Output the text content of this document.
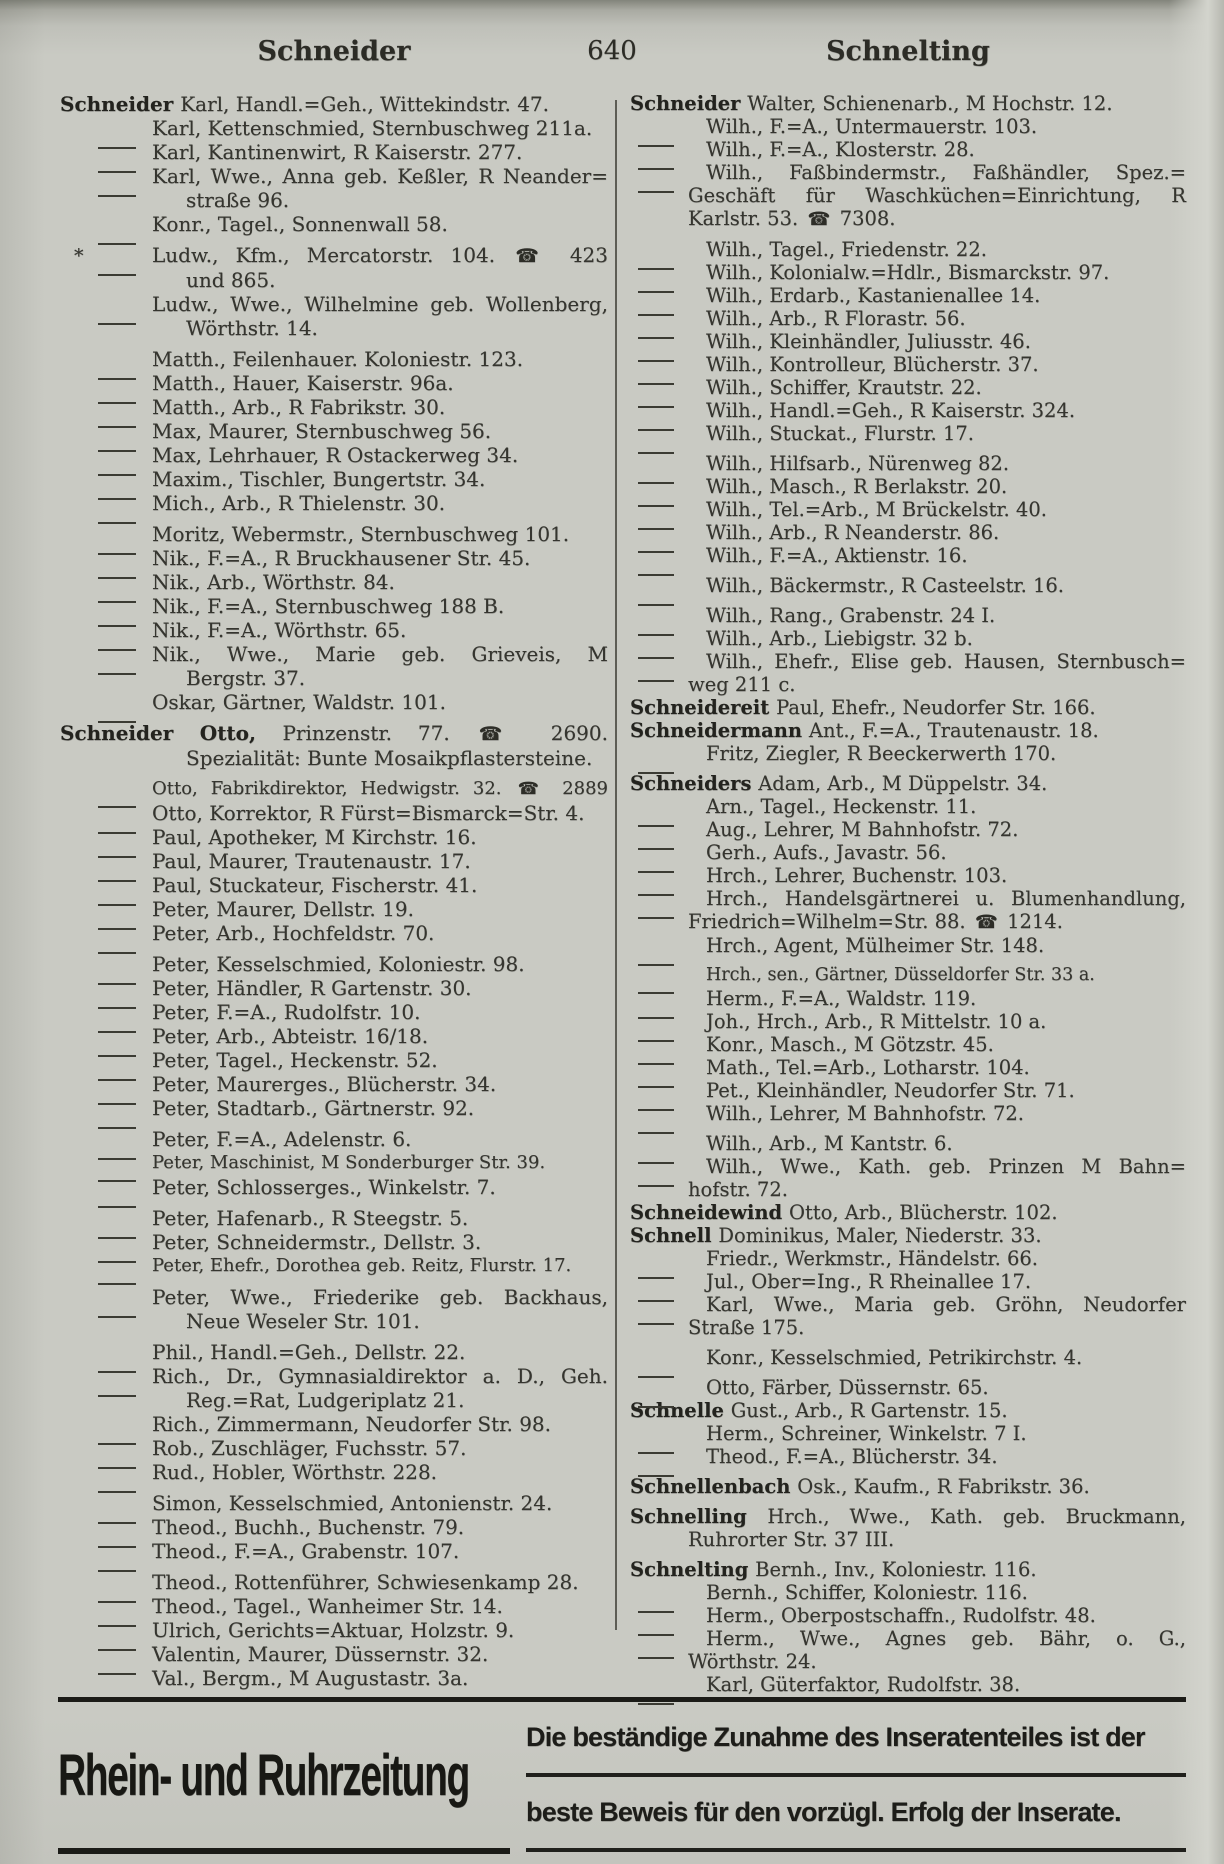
Schneider	640	Schnelting
Schneider Karl, Handl.=Geh., Wittekindstr. 47.
Karl, Kettenschmied, Sternbuschweg 211a.
Karl, Kantinenwirt, R Kaiserstr. 277.
Karl, Wwe., Anna geb. Keßler, R Neander=
straße 96.
Konr., Tagel., Sonnenwall 58.
*	Ludw., Kfm., Mercatorstr. 104. ☎ 423
und 865.
Ludw., Wwe., Wilhelmine geb. Wollenberg,
Wörthstr. 14.
Matth., Feilenhauer. Koloniestr. 123.
Matth., Hauer, Kaiserstr. 96a.
Matth., Arb., R Fabrikstr. 30.
Max, Maurer, Sternbuschweg 56.
Max, Lehrhauer, R Ostackerweg 34.
Maxim., Tischler, Bungertstr. 34.
Mich., Arb., R Thielenstr. 30.
Moritz, Webermstr., Sternbuschweg 101.
Nik., F.=A., R Bruckhausener Str. 45.
Nik., Arb., Wörthstr. 84.
Nik., F.=A., Sternbuschweg 188 B.
Nik., F.=A., Wörthstr. 65.
Nik., Wwe., Marie geb. Grieveis, M
Bergstr. 37.
Oskar, Gärtner, Waldstr. 101.
Schneider Otto, Prinzenstr. 77. ☎ 2690.
Spezialität: Bunte Mosaikpflastersteine.
Otto, Fabrikdirektor, Hedwigstr. 32. ☎ 2889
Otto, Korrektor, R Fürst=Bismarck=Str. 4.
Paul, Apotheker, M Kirchstr. 16.
Paul, Maurer, Trautenaustr. 17.
Paul, Stuckateur, Fischerstr. 41.
Peter, Maurer, Dellstr. 19.
Peter, Arb., Hochfeldstr. 70.
Peter, Kesselschmied, Koloniestr. 98.
Peter, Händler, R Gartenstr. 30.
Peter, F.=A., Rudolfstr. 10.
Peter, Arb., Abteistr. 16/18.
Peter, Tagel., Heckenstr. 52.
Peter, Maurerges., Blücherstr. 34.
Peter, Stadtarb., Gärtnerstr. 92.
Peter, F.=A., Adelenstr. 6.
Peter, Maschinist, M Sonderburger Str. 39.
Peter, Schlosserges., Winkelstr. 7.
Peter, Hafenarb., R Steegstr. 5.
Peter, Schneidermstr., Dellstr. 3.
Peter, Ehefr., Dorothea geb. Reitz, Flurstr. 17.
Peter, Wwe., Friederike geb. Backhaus,
Neue Weseler Str. 101.
Phil., Handl.=Geh., Dellstr. 22.
Rich., Dr., Gymnasialdirektor a. D., Geh.
Reg.=Rat, Ludgeriplatz 21.
Rich., Zimmermann, Neudorfer Str. 98.
Rob., Zuschläger, Fuchsstr. 57.
Rud., Hobler, Wörthstr. 228.
Simon, Kesselschmied, Antonienstr. 24.
Theod., Buchh., Buchenstr. 79.
Theod., F.=A., Grabenstr. 107.
Theod., Rottenführer, Schwiesenkamp 28.
Theod., Tagel., Wanheimer Str. 14.
Ulrich, Gerichts=Aktuar, Holzstr. 9.
Valentin, Maurer, Düssernstr. 32.
Val., Bergm., M Augustastr. 3a.
Schneider Walter, Schienenarb., M Hochstr. 12.
Wilh., F.=A., Untermauerstr. 103.
Wilh., F.=A., Klosterstr. 28.
Wilh., Faßbindermstr., Faßhändler, Spez.=
Geschäft für Waschküchen=Einrichtung, R
Karlstr. 53. ☎ 7308.
Wilh., Tagel., Friedenstr. 22.
Wilh., Kolonialw.=Hdlr., Bismarckstr. 97.
Wilh., Erdarb., Kastanienallee 14.
Wilh., Arb., R Florastr. 56.
Wilh., Kleinhändler, Juliusstr. 46.
Wilh., Kontrolleur, Blücherstr. 37.
Wilh., Schiffer, Krautstr. 22.
Wilh., Handl.=Geh., R Kaiserstr. 324.
Wilh., Stuckat., Flurstr. 17.
Wilh., Hilfsarb., Nürenweg 82.
Wilh., Masch., R Berlakstr. 20.
Wilh., Tel.=Arb., M Brückelstr. 40.
Wilh., Arb., R Neanderstr. 86.
Wilh., F.=A., Aktienstr. 16.
Wilh., Bäckermstr., R Casteelstr. 16.
Wilh., Rang., Grabenstr. 24 I.
Wilh., Arb., Liebigstr. 32 b.
Wilh., Ehefr., Elise geb. Hausen, Sternbusch=
weg 211 c.
Schneidereit Paul, Ehefr., Neudorfer Str. 166.
Schneidermann Ant., F.=A., Trautenaustr. 18.
Fritz, Ziegler, R Beeckerwerth 170.
Schneiders Adam, Arb., M Düppelstr. 34.
Arn., Tagel., Heckenstr. 11.
Aug., Lehrer, M Bahnhofstr. 72.
Gerh., Aufs., Javastr. 56.
Hrch., Lehrer, Buchenstr. 103.
Hrch., Handelsgärtnerei u. Blumenhandlung,
Friedrich=Wilhelm=Str. 88. ☎ 1214.
Hrch., Agent, Mülheimer Str. 148.
Hrch., sen., Gärtner, Düsseldorfer Str. 33 a.
Herm., F.=A., Waldstr. 119.
Joh., Hrch., Arb., R Mittelstr. 10 a.
Konr., Masch., M Götzstr. 45.
Math., Tel.=Arb., Lotharstr. 104.
Pet., Kleinhändler, Neudorfer Str. 71.
Wilh., Lehrer, M Bahnhofstr. 72.
Wilh., Arb., M Kantstr. 6.
Wilh., Wwe., Kath. geb. Prinzen M Bahn=
hofstr. 72.
Schneidewind Otto, Arb., Blücherstr. 102.
Schnell Dominikus, Maler, Niederstr. 33.
Friedr., Werkmstr., Händelstr. 66.
Jul., Ober=Ing., R Rheinallee 17.
Karl, Wwe., Maria geb. Gröhn, Neudorfer
Straße 175.
Konr., Kesselschmied, Petrikirchstr. 4.
Otto, Färber, Düssernstr. 65.
Schnelle Gust., Arb., R Gartenstr. 15.
Herm., Schreiner, Winkelstr. 7 I.
Theod., F.=A., Blücherstr. 34.
Schnellenbach Osk., Kaufm., R Fabrikstr. 36.
Schnelling Hrch., Wwe., Kath. geb. Bruckmann,
Ruhrorter Str. 37 III.
Schnelting Bernh., Inv., Koloniestr. 116.
Bernh., Schiffer, Koloniestr. 116.
Herm., Oberpostschaffn., Rudolfstr. 48.
Herm., Wwe., Agnes geb. Bähr, o. G.,
Wörthstr. 24.
Karl, Güterfaktor, Rudolfstr. 38.
Rhein- und Ruhrzeitung
Die beständige Zunahme des Inseratenteiles ist der
beste Beweis für den vorzügl. Erfolg der Inserate.
